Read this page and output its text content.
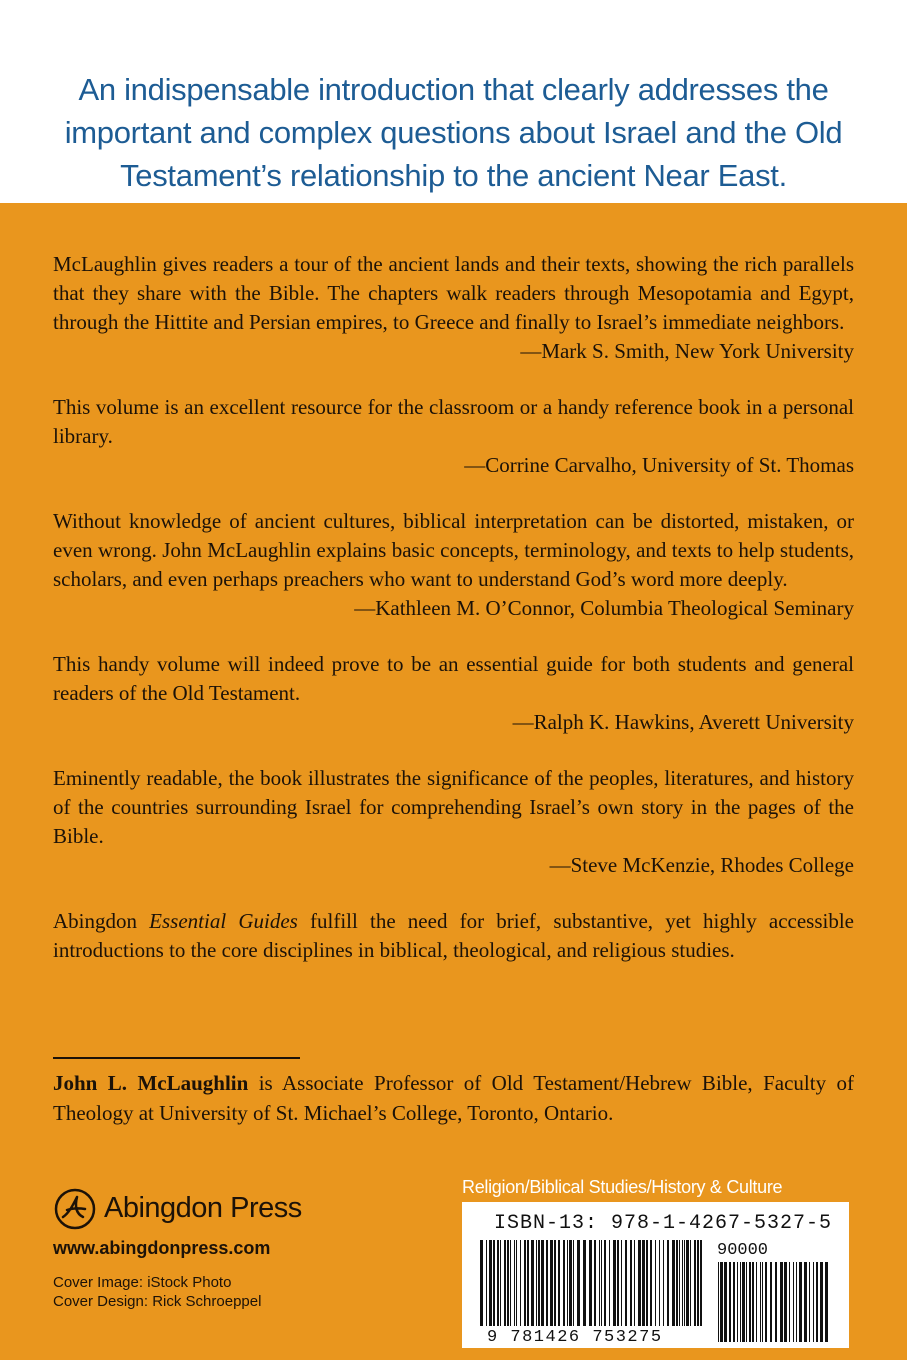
An indispensable introduction that clearly addresses the important and complex questions about Israel and the Old Testament’s relationship to the ancient Near East.

McLaughlin gives readers a tour of the ancient lands and their texts, showing the rich parallels that they share with the Bible. The chapters walk readers through Mesopotamia and Egypt, through the Hittite and Persian empires, to Greece and finally to Israel’s immediate neighbors.

—Mark S. Smith, New York University

This volume is an excellent resource for the classroom or a handy reference book in a personal library.

—Corrine Carvalho, University of St. Thomas

Without knowledge of ancient cultures, biblical interpretation can be distorted, mistaken, or even wrong. John McLaughlin explains basic concepts, terminology, and texts to help students, scholars, and even perhaps preachers who want to understand God’s word more deeply.

—Kathleen M. O’Connor, Columbia Theological Seminary

This handy volume will indeed prove to be an essential guide for both students and general readers of the Old Testament.

—Ralph K. Hawkins, Averett University

Eminently readable, the book illustrates the significance of the peoples, literatures, and history of the countries surrounding Israel for comprehending Israel’s own story in the pages of the Bible.

—Steve McKenzie, Rhodes College

Abingdon Essential Guides fulfill the need for brief, substantive, yet highly accessible introductions to the core disciplines in biblical, theological, and religious studies.

John L. McLaughlin is Associate Professor of Old Testament/Hebrew Bible, Faculty of Theology at University of St. Michael’s College, Toronto, Ontario.

Abingdon Press
www.abingdonpress.com
Cover Image: iStock Photo
Cover Design: Rick Schroeppel
Religion/Biblical Studies/History & Culture
ISBN-13: 978-1-4267-5327-5
90000
9 781426 753275
